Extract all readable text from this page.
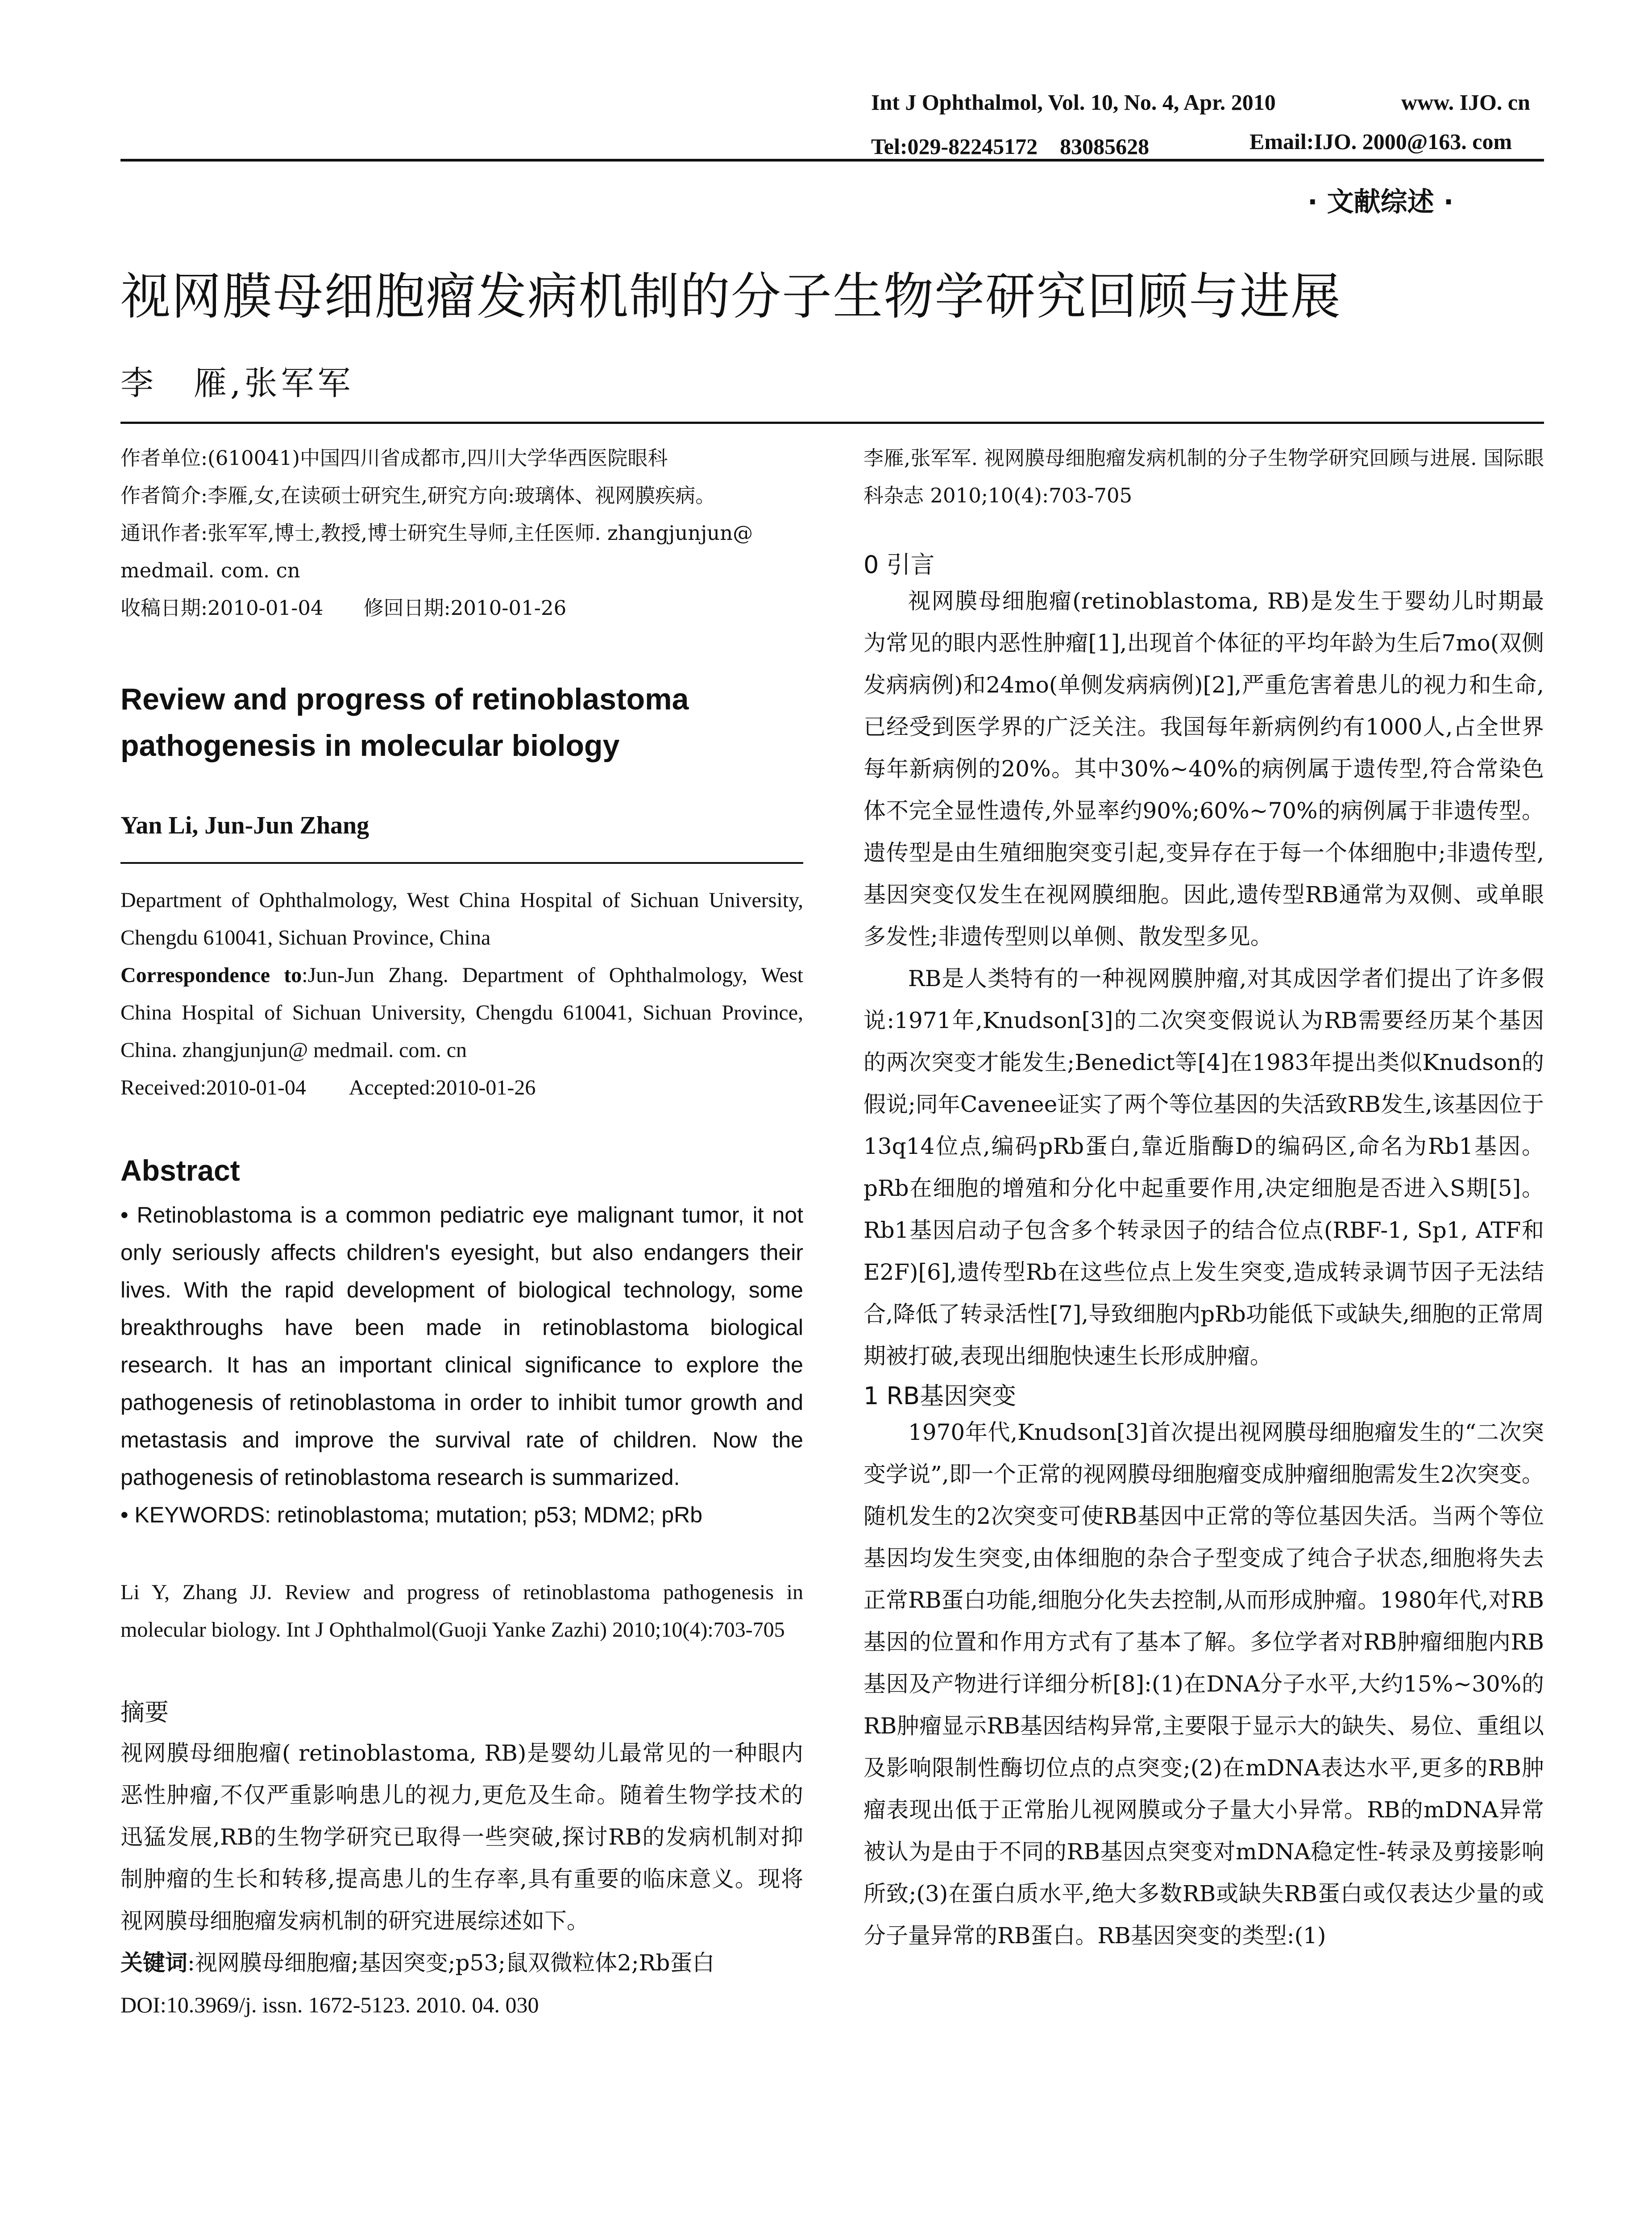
Int J Ophthalmol, Vol. 10, No. 4, Apr. 2010	www. IJO. cn
Tel:029-82245172　83085628	Email:IJO. 2000@163. com
· 文献综述 ·
视网膜母细胞瘤发病机制的分子生物学研究回顾与进展
李　雁,张军军
作者单位:(610041)中国四川省成都市,四川大学华西医院眼科
作者简介:李雁,女,在读硕士研究生,研究方向:玻璃体、视网膜疾病。
通讯作者:张军军,博士,教授,博士研究生导师,主任医师. zhangjunjun@ medmail. com. cn
收稿日期:2010-01-04　　修回日期:2010-01-26
Review and progress of retinoblastoma pathogenesis in molecular biology
Yan Li, Jun-Jun Zhang
Department of Ophthalmology, West China Hospital of Sichuan University, Chengdu 610041, Sichuan Province, China
Correspondence to:Jun-Jun Zhang. Department of Ophthalmology, West China Hospital of Sichuan University, Chengdu 610041, Sichuan Province, China. zhangjunjun@ medmail. com. cn
Received:2010-01-04　　Accepted:2010-01-26
Abstract
• Retinoblastoma is a common pediatric eye malignant tumor, it not only seriously affects children's eyesight, but also endangers their lives. With the rapid development of biological technology, some breakthroughs have been made in retinoblastoma biological research. It has an important clinical significance to explore the pathogenesis of retinoblastoma in order to inhibit tumor growth and metastasis and improve the survival rate of children. Now the pathogenesis of retinoblastoma research is summarized.
• KEYWORDS: retinoblastoma; mutation; p53; MDM2; pRb
Li Y, Zhang JJ. Review and progress of retinoblastoma pathogenesis in molecular biology. Int J Ophthalmol(Guoji Yanke Zazhi) 2010;10(4):703-705
摘要
视网膜母细胞瘤( retinoblastoma, RB)是婴幼儿最常见的一种眼内恶性肿瘤,不仅严重影响患儿的视力,更危及生命。随着生物学技术的迅猛发展,RB的生物学研究已取得一些突破,探讨RB的发病机制对抑制肿瘤的生长和转移,提高患儿的生存率,具有重要的临床意义。现将视网膜母细胞瘤发病机制的研究进展综述如下。
关键词:视网膜母细胞瘤;基因突变;p53;鼠双微粒体2;Rb蛋白
DOI:10.3969/j. issn. 1672-5123. 2010. 04. 030
李雁,张军军. 视网膜母细胞瘤发病机制的分子生物学研究回顾与进展. 国际眼科杂志 2010;10(4):703-705
0 引言

视网膜母细胞瘤(retinoblastoma, RB)是发生于婴幼儿时期最为常见的眼内恶性肿瘤[1],出现首个体征的平均年龄为生后7mo(双侧发病病例)和24mo(单侧发病病例)[2],严重危害着患儿的视力和生命,已经受到医学界的广泛关注。我国每年新病例约有1000人,占全世界每年新病例的20%。其中30%~40%的病例属于遗传型,符合常染色体不完全显性遗传,外显率约90%;60%~70%的病例属于非遗传型。遗传型是由生殖细胞突变引起,变异存在于每一个体细胞中;非遗传型,基因突变仅发生在视网膜细胞。因此,遗传型RB通常为双侧、或单眼多发性;非遗传型则以单侧、散发型多见。

RB是人类特有的一种视网膜肿瘤,对其成因学者们提出了许多假说:1971年,Knudson[3]的二次突变假说认为RB需要经历某个基因的两次突变才能发生;Benedict等[4]在1983年提出类似Knudson的假说;同年Cavenee证实了两个等位基因的失活致RB发生,该基因位于13q14位点,编码pRb蛋白,靠近脂酶D的编码区,命名为Rb1基因。pRb在细胞的增殖和分化中起重要作用,决定细胞是否进入S期[5]。Rb1基因启动子包含多个转录因子的结合位点(RBF-1, Sp1, ATF和E2F)[6],遗传型Rb在这些位点上发生突变,造成转录调节因子无法结合,降低了转录活性[7],导致细胞内pRb功能低下或缺失,细胞的正常周期被打破,表现出细胞快速生长形成肿瘤。

1 RB基因突变

1970年代,Knudson[3]首次提出视网膜母细胞瘤发生的“二次突变学说”,即一个正常的视网膜母细胞瘤变成肿瘤细胞需发生2次突变。随机发生的2次突变可使RB基因中正常的等位基因失活。当两个等位基因均发生突变,由体细胞的杂合子型变成了纯合子状态,细胞将失去正常RB蛋白功能,细胞分化失去控制,从而形成肿瘤。1980年代,对RB基因的位置和作用方式有了基本了解。多位学者对RB肿瘤细胞内RB基因及产物进行详细分析[8]:(1)在DNA分子水平,大约15%~30%的RB肿瘤显示RB基因结构异常,主要限于显示大的缺失、易位、重组以及影响限制性酶切位点的点突变;(2)在mDNA表达水平,更多的RB肿瘤表现出低于正常胎儿视网膜或分子量大小异常。RB的mDNA异常被认为是由于不同的RB基因点突变对mDNA稳定性-转录及剪接影响所致;(3)在蛋白质水平,绝大多数RB或缺失RB蛋白或仅表达少量的或分子量异常的RB蛋白。RB基因突变的类型:(1)
